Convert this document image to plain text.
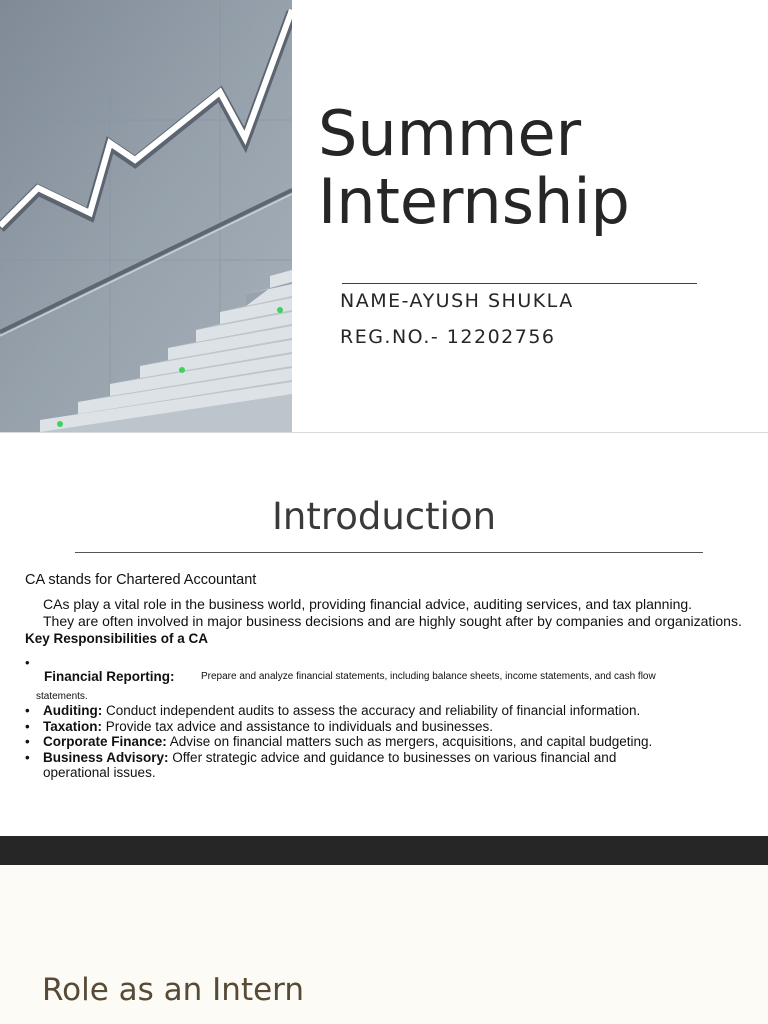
Summer
Internship
NAME-AYUSH SHUKLA
REG.NO.- 12202756
Introduction
CA stands for Chartered Accountant
CAs play a vital role in the business world, providing financial advice, auditing services, and tax planning.
They are often involved in major business decisions and are highly sought after by companies and organizations.
Key Responsibilities of a CA
•
Financial Reporting:	Prepare and analyze financial statements, including balance sheets, income statements, and cash flow
statements.
• Auditing: Conduct independent audits to assess the accuracy and reliability of financial information.
• Taxation: Provide tax advice and assistance to individuals and businesses.
• Corporate Finance: Advise on financial matters such as mergers, acquisitions, and capital budgeting.
• Business Advisory: Offer strategic advice and guidance to businesses on various financial and
operational issues.
Role as an Intern
